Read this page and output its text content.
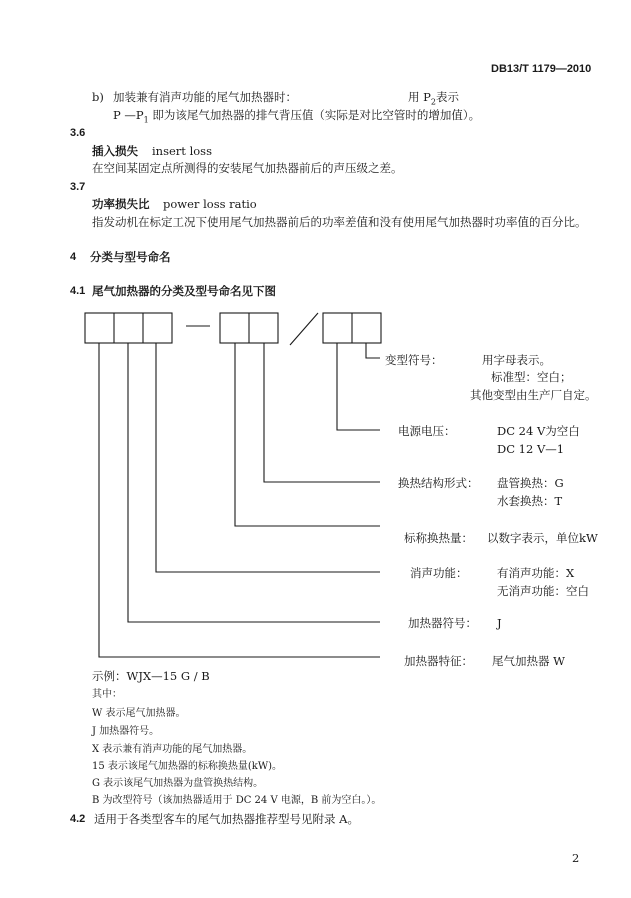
DB13/T 1179—2010
b) 加装兼有消声功能的尾气加热器时：	用 $P_2$表示
P $—P_1$ 即为该尾气加热器的排气背压值（实际是对比空管时的增加值）。
3.6
插入损失 insert loss
在空间某固定点所测得的安装尾气加热器前后的声压级之差。
3.7
功率损失比 power loss ratio
指发动机在标定工况下使用尾气加热器前后的功率差值和没有使用尾气加热器时功率值的百分比。
4 分类与型号命名
4.1 尾气加热器的分类及型号命名见下图
变型符号：	用字母表示。
标准型：空白；
其他变型由生产厂自定。
电源电压：	DC 24 V为空白
DC 12 V—1
换热结构形式： 盘管换热：G
水套换热：T
标称换热量： 以数字表示，单位kW
消声功能：	有消声功能：X
无消声功能：空白
加热器符号： J
加热器特征： 尾气加热器 W
示例：WJX—15 G / B
其中：
W 表示尾气加热器。
J 加热器符号。
X 表示兼有消声功能的尾气加热器。
15 表示该尾气加热器的标称换热量(kW)。
G 表示该尾气加热器为盘管换热结构。
B 为改型符号（该加热器适用于 DC 24 V 电源，B 前为空白。）。
4.2 适用于各类型客车的尾气加热器推荐型号见附录 A。
2
